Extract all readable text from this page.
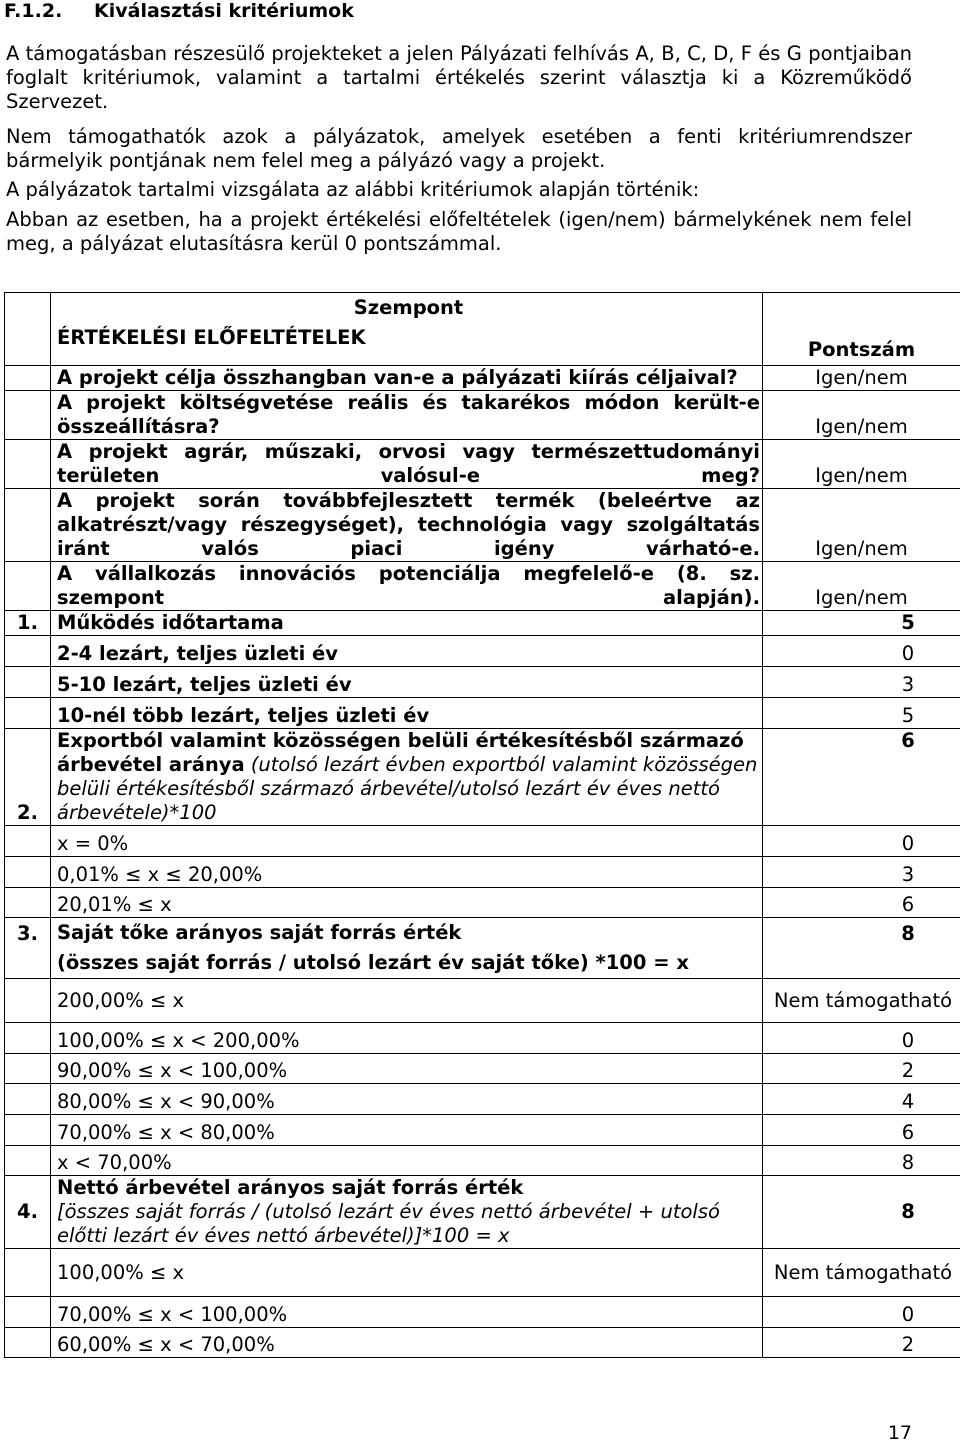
F.1.2. Kiválasztási kritériumok
A támogatásban részesülő projekteket a jelen Pályázati felhívás A, B, C, D, F és G pontjaiban foglalt kritériumok, valamint a tartalmi értékelés szerint választja ki a Közreműködő Szervezet.
Nem támogathatók azok a pályázatok, amelyek esetében a fenti kritériumrendszer bármelyik pontjának nem felel meg a pályázó vagy a projekt.
A pályázatok tartalmi vizsgálata az alábbi kritériumok alapján történik:
Abban az esetben, ha a projekt értékelési előfeltételek (igen/nem) bármelykének nem felel meg, a pályázat elutasításra kerül 0 pontszámmal.

	Szempont
ÉRTÉKELÉSI ELŐFELTÉTELEK	Pontszám
	A projekt célja összhangban van-e a pályázati kiírás céljaival?	Igen/nem

	A projekt költségvetése reális és takarékos módon került-e összeállításra?	Igen/nem

	A projekt agrár, műszaki, orvosi vagy természettudományi területen valósul-e meg?	Igen/nem

	A projekt során továbbfejlesztett termék (beleértve az alkatrészt/vagy részegységet), technológia vagy szolgáltatás iránt valós piaci igény várható-e.	Igen/nem

	A vállalkozás innovációs potenciálja megfelelő-e (8. sz. szempont alapján).	Igen/nem
1.	Működés időtartama	5
	2-4 lezárt, teljes üzleti év	0
	5-10 lezárt, teljes üzleti év	3
	10-nél több lezárt, teljes üzleti év	5
2.	Exportból valamint közösségen belüli értékesítésből származó árbevétel aránya (utolsó lezárt évben exportból valamint közösségen belüli értékesítésből származó árbevétel/utolsó lezárt év éves nettó árbevétele)*100	6
	x = 0%	0
	0,01% ≤ x ≤ 20,00%	3
	20,01% ≤ x	6
3.	Saját tőke arányos saját forrás érték
(összes saját forrás / utolsó lezárt év saját tőke) *100 = x	8
	200,00% ≤ x	Nem támogatható
	100,00% ≤ x < 200,00%	0
	90,00% ≤ x < 100,00%	2
	80,00% ≤ x < 90,00%	4
	70,00% ≤ x < 80,00%	6
	x < 70,00%	8
4.	Nettó árbevétel arányos saját forrás érték
[összes saját forrás / (utolsó lezárt év éves nettó árbevétel + utolsó előtti lezárt év éves nettó árbevétel)]*100 = x	8
	100,00% ≤ x	Nem támogatható
	70,00% ≤ x < 100,00%	0
	60,00% ≤ x < 70,00%	2
17
